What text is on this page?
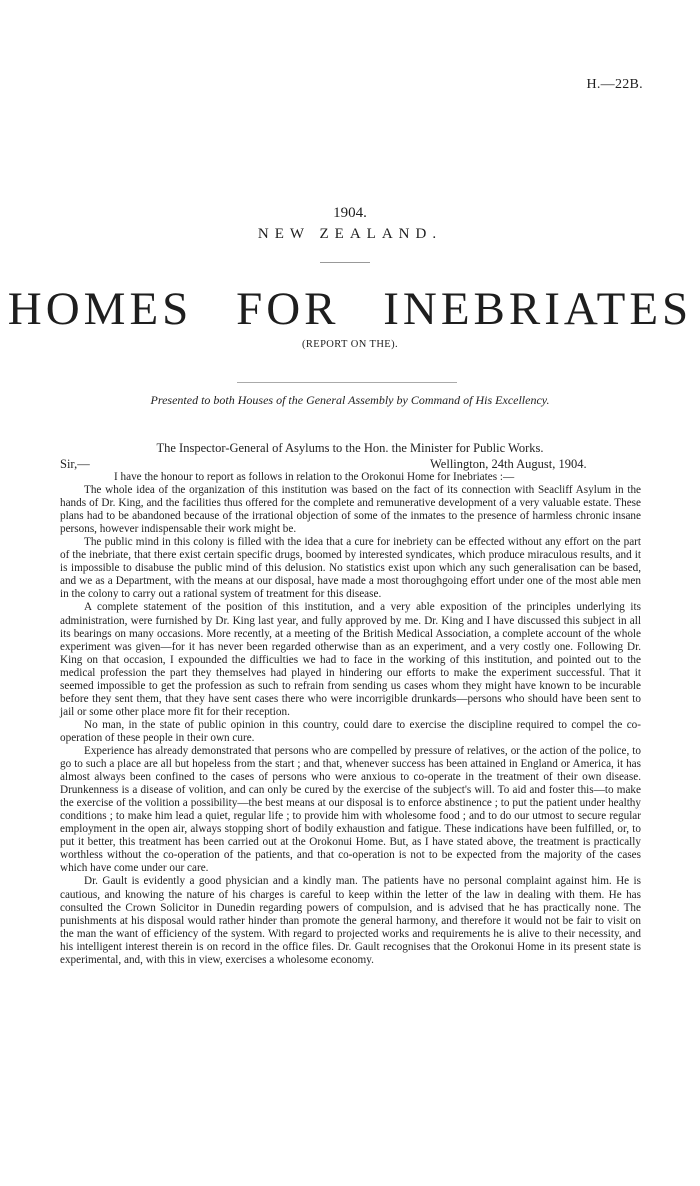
H.—22B.
1904.
NEW ZEALAND.
HOMES FOR INEBRIATES
(REPORT ON THE).
Presented to both Houses of the General Assembly by Command of His Excellency.
The Inspector-General of Asylums to the Hon. the Minister for Public Works.
Sir,—	Wellington, 24th August, 1904.

I have the honour to report as follows in relation to the Orokonui Home for Inebriates :—

The whole idea of the organization of this institution was based on the fact of its connection with Seacliff Asylum in the hands of Dr. King, and the facilities thus offered for the complete and remunerative development of a very valuable estate. These plans had to be abandoned because of the irrational objection of some of the inmates to the presence of harmless chronic insane persons, however indispensable their work might be.

The public mind in this colony is filled with the idea that a cure for inebriety can be effected without any effort on the part of the inebriate, that there exist certain specific drugs, boomed by interested syndicates, which produce miraculous results, and it is impossible to disabuse the public mind of this delusion. No statistics exist upon which any such generalisation can be based, and we as a Department, with the means at our disposal, have made a most thoroughgoing effort under one of the most able men in the colony to carry out a rational system of treatment for this disease.

A complete statement of the position of this institution, and a very able exposition of the principles underlying its administration, were furnished by Dr. King last year, and fully approved by me. Dr. King and I have discussed this subject in all its bearings on many occasions. More recently, at a meeting of the British Medical Association, a complete account of the whole experiment was given—for it has never been regarded otherwise than as an experiment, and a very costly one. Following Dr. King on that occasion, I expounded the difficulties we had to face in the working of this institution, and pointed out to the medical profession the part they themselves had played in hindering our efforts to make the experiment successful. That it seemed impossible to get the profession as such to refrain from sending us cases whom they might have known to be incurable before they sent them, that they have sent cases there who were incorrigible drunkards—persons who should have been sent to jail or some other place more fit for their reception.

No man, in the state of public opinion in this country, could dare to exercise the discipline required to compel the co-operation of these people in their own cure.

Experience has already demonstrated that persons who are compelled by pressure of relatives, or the action of the police, to go to such a place are all but hopeless from the start ; and that, whenever success has been attained in England or America, it has almost always been confined to the cases of persons who were anxious to co-operate in the treatment of their own disease. Drunkenness is a disease of volition, and can only be cured by the exercise of the subject's will. To aid and foster this—to make the exercise of the volition a possibility—the best means at our disposal is to enforce abstinence ; to put the patient under healthy conditions ; to make him lead a quiet, regular life ; to provide him with wholesome food ; and to do our utmost to secure regular employment in the open air, always stopping short of bodily exhaustion and fatigue. These indications have been fulfilled, or, to put it better, this treatment has been carried out at the Orokonui Home. But, as I have stated above, the treatment is practically worthless without the co-operation of the patients, and that co-operation is not to be expected from the majority of the cases which have come under our care.

Dr. Gault is evidently a good physician and a kindly man. The patients have no personal complaint against him. He is cautious, and knowing the nature of his charges is careful to keep within the letter of the law in dealing with them. He has consulted the Crown Solicitor in Dunedin regarding powers of compulsion, and is advised that he has practically none. The punishments at his disposal would rather hinder than promote the general harmony, and therefore it would not be fair to visit on the man the want of efficiency of the system. With regard to projected works and requirements he is alive to their necessity, and his intelligent interest therein is on record in the office files. Dr. Gault recognises that the Orokonui Home in its present state is experimental, and, with this in view, exercises a wholesome economy.
